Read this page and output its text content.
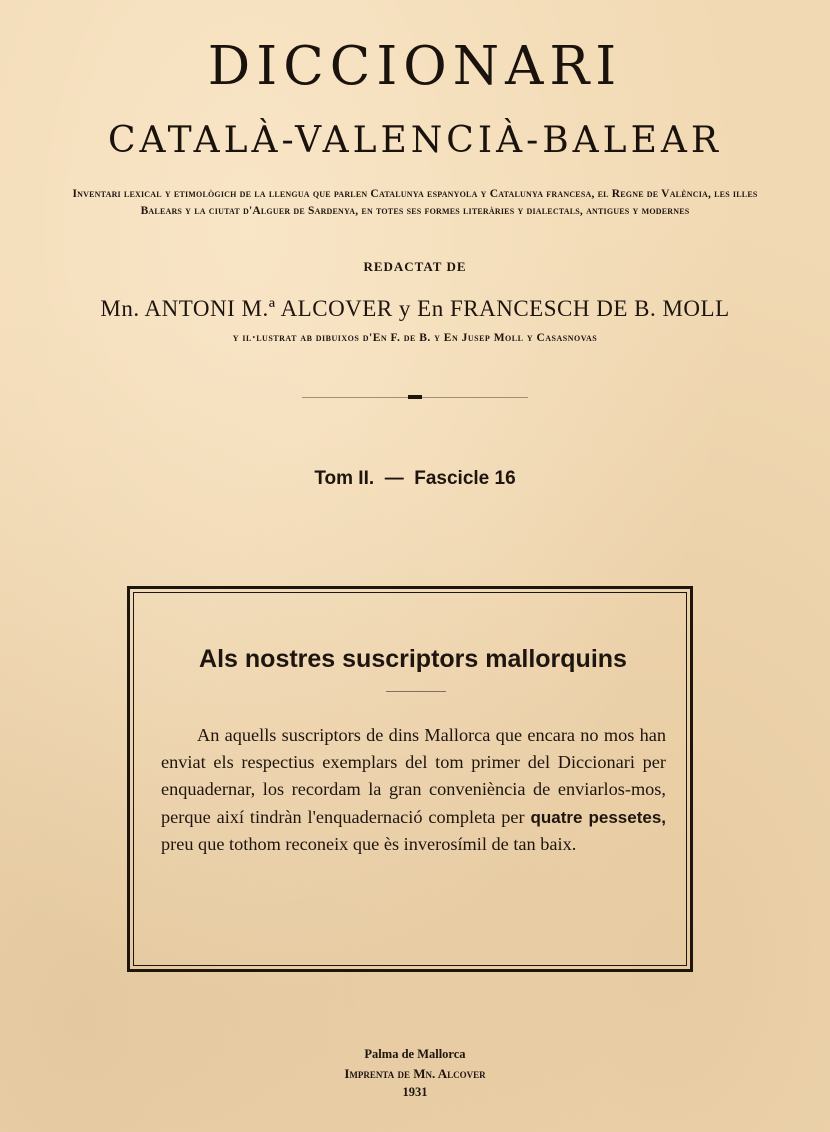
DICCIONARI
CATALÀ-VALENCIÀ-BALEAR

Inventari lexical y etimològich de la llengua que parlen Catalunya espanyola y Catalunya francesa, el Regne de València, les illes Balears y la ciutat d'Alguer de Sardenya, en totes ses formes literàries y dialectals, antigues y modernes

REDACTAT DE

Mn. ANTONI M.ª ALCOVER y En FRANCESCH DE B. MOLL

y il·lustrat ab dibuixos d'En F. de B. y En Jusep Moll y Casasnovas

Tom II.  —  Fascicle 16

Als nostres suscriptors mallorquins

An aquells suscriptors de dins Mallorca que encara no mos han enviat els respectius exemplars del tom primer del Diccionari per enquadernar, los recordam la gran conveniència de enviarlos-mos, perque així tindràn l'enquadernació completa per quatre pessetes, preu que tothom reconeix que ès inverosímil de tan baix.

Palma de Mallorca

Imprenta de Mn. Alcover

1931
